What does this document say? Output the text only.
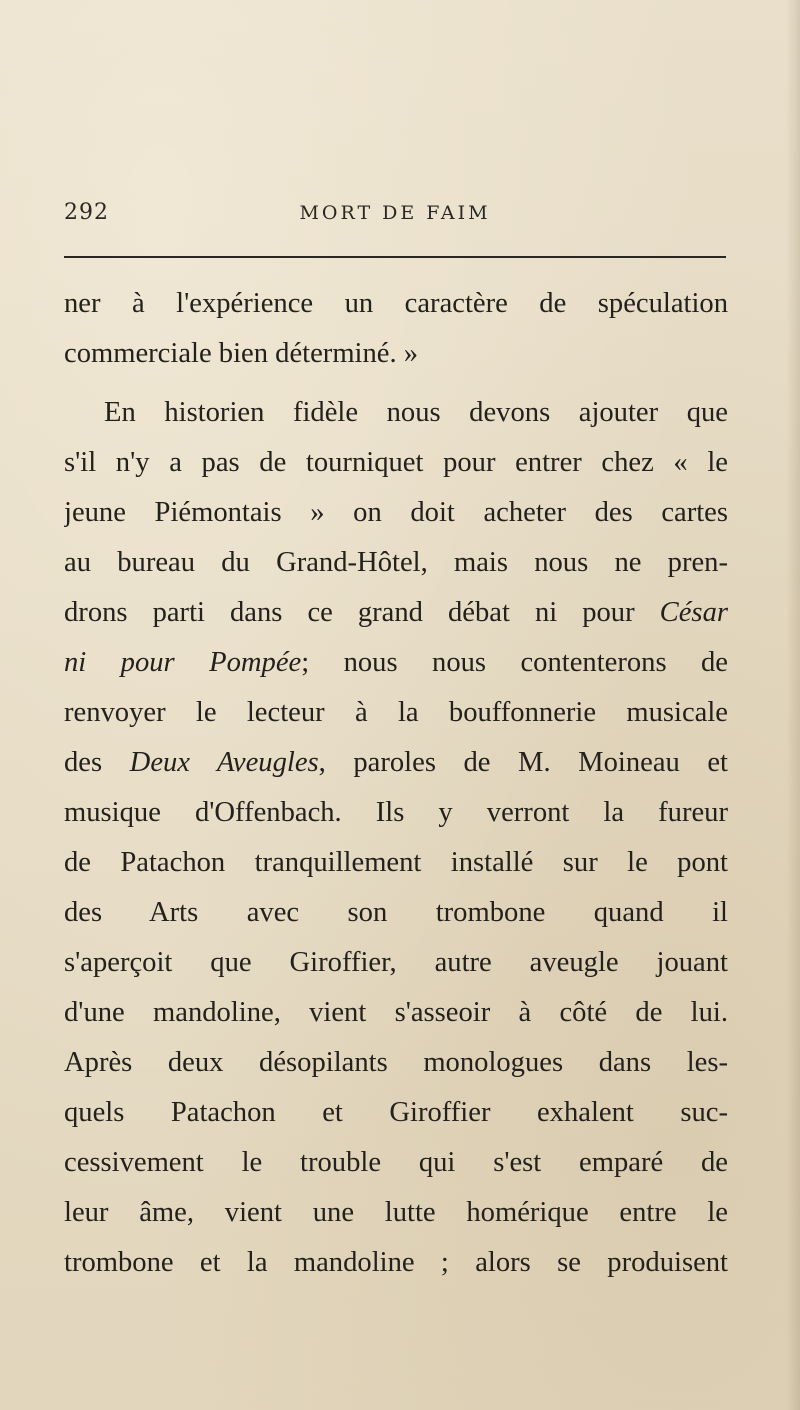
292	MORT DE FAIM
ner à l'expérience un caractère de spéculation
commerciale bien déterminé. »
En historien fidèle nous devons ajouter que
s'il n'y a pas de tourniquet pour entrer chez « le
jeune Piémontais » on doit acheter des cartes
au bureau du Grand-Hôtel, mais nous ne pren-
drons parti dans ce grand débat ni pour César
ni pour Pompée; nous nous contenterons de
renvoyer le lecteur à la bouffonnerie musicale
des Deux Aveugles, paroles de M. Moineau et
musique d'Offenbach. Ils y verront la fureur
de Patachon tranquillement installé sur le pont
des Arts avec son trombone quand il
s'aperçoit que Giroffier, autre aveugle jouant
d'une mandoline, vient s'asseoir à côté de lui.
Après deux désopilants monologues dans les-
quels Patachon et Giroffier exhalent suc-
cessivement le trouble qui s'est emparé de
leur âme, vient une lutte homérique entre le
trombone et la mandoline ; alors se produisent
